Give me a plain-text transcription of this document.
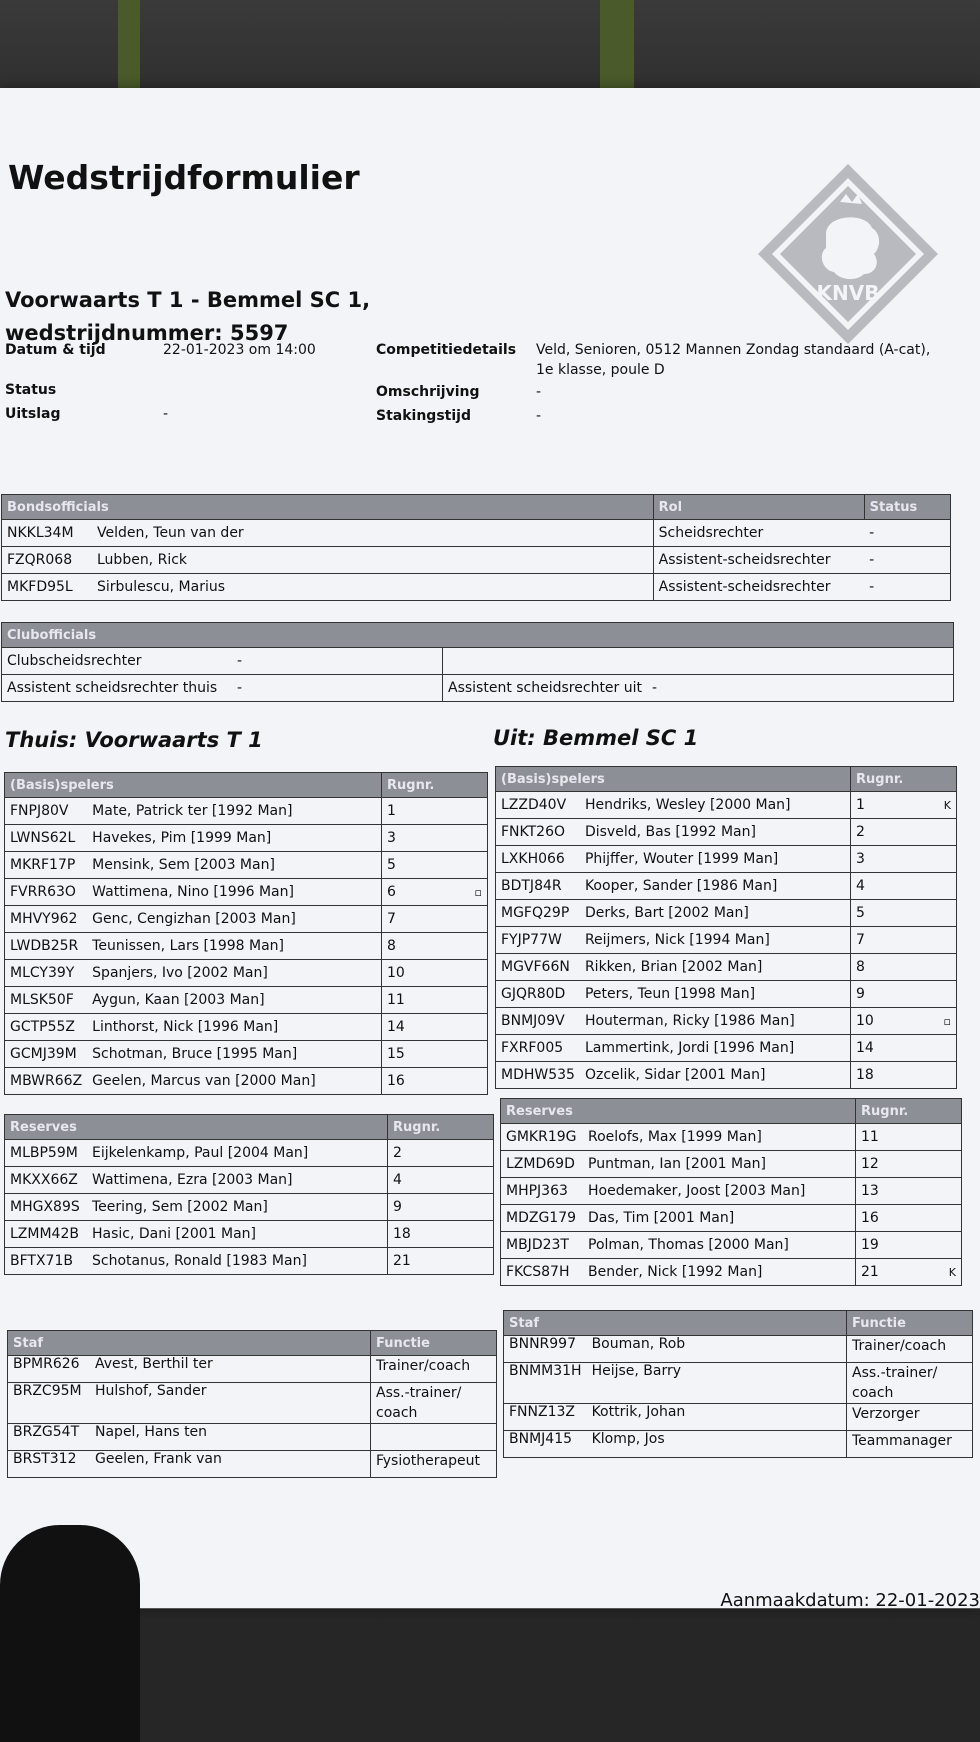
Wedstrijdformulier
Voorwaarts T 1 - Bemmel SC 1,
wedstrijdnummer: 5597
KNVB
Datum & tijd	22-01-2023 om 14:00
Status
Uitslag	-
Competitiedetails	Veld, Senioren, 0512 Mannen Zondag standaard (A-cat),
1e klasse, poule D
Omschrijving	-
Stakingstijd	-
Bondsofficials		Rol	Status
NKKL34M	Velden, Teun van der	Scheidsrechter	-
FZQR068	Lubben, Rick	Assistent-scheidsrechter	-
MKFD95L	Sirbulescu, Marius	Assistent-scheidsrechter	-
Clubofficials			
Clubscheidsrechter	-		
Assistent scheidsrechter thuis	-	Assistent scheidsrechter uit	-
Thuis: Voorwaarts T 1	Uit: Bemmel SC 1
(Basis)spelers		Rugnr.	
FNPJ80V	Mate, Patrick ter [1992 Man]	1	
LWNS62L	Havekes, Pim [1999 Man]	3	
MKRF17P	Mensink, Sem [2003 Man]	5	
FVRR63O	Wattimena, Nino [1996 Man]	6	▫
MHVY962	Genc, Cengizhan [2003 Man]	7	
LWDB25R	Teunissen, Lars [1998 Man]	8	
MLCY39Y	Spanjers, Ivo [2002 Man]	10	
MLSK50F	Aygun, Kaan [2003 Man]	11	
GCTP55Z	Linthorst, Nick [1996 Man]	14	
GCMJ39M	Schotman, Bruce [1995 Man]	15	
MBWR66Z	Geelen, Marcus van [2000 Man]	16	
Reserves		Rugnr.	
MLBP59M	Eijkelenkamp, Paul [2004 Man]	2	
MKXX66Z	Wattimena, Ezra [2003 Man]	4	
MHGX89S	Teering, Sem [2002 Man]	9	
LZMM42B	Hasic, Dani [2001 Man]	18	
BFTX71B	Schotanus, Ronald [1983 Man]	21	
Staf		Functie
BPMR626	Avest, Berthil ter	Trainer/coach
BRZC95M	Hulshof, Sander	Ass.-trainer/ coach
BRZG54T	Napel, Hans ten	
BRST312	Geelen, Frank van	Fysiotherapeut
(Basis)spelers		Rugnr.	
LZZD40V	Hendriks, Wesley [2000 Man]	1	K
FNKT26O	Disveld, Bas [1992 Man]	2	
LXKH066	Phijffer, Wouter [1999 Man]	3	
BDTJ84R	Kooper, Sander [1986 Man]	4	
MGFQ29P	Derks, Bart [2002 Man]	5	
FYJP77W	Reijmers, Nick [1994 Man]	7	
MGVF66N	Rikken, Brian [2002 Man]	8	
GJQR80D	Peters, Teun [1998 Man]	9	
BNMJ09V	Houterman, Ricky [1986 Man]	10	▫
FXRF005	Lammertink, Jordi [1996 Man]	14	
MDHW535	Ozcelik, Sidar [2001 Man]	18	
Reserves		Rugnr.	
GMKR19G	Roelofs, Max [1999 Man]	11	
LZMD69D	Puntman, Ian [2001 Man]	12	
MHPJ363	Hoedemaker, Joost [2003 Man]	13	
MDZG179	Das, Tim [2001 Man]	16	
MBJD23T	Polman, Thomas [2000 Man]	19	
FKCS87H	Bender, Nick [1992 Man]	21	K
Staf		Functie
BNNR997	Bouman, Rob	Trainer/coach
BNMM31H	Heijse, Barry	Ass.-trainer/ coach
FNNZ13Z	Kottrik, Johan	Verzorger
BNMJ415	Klomp, Jos	Teammanager
Aanmaakdatum: 22-01-2023
